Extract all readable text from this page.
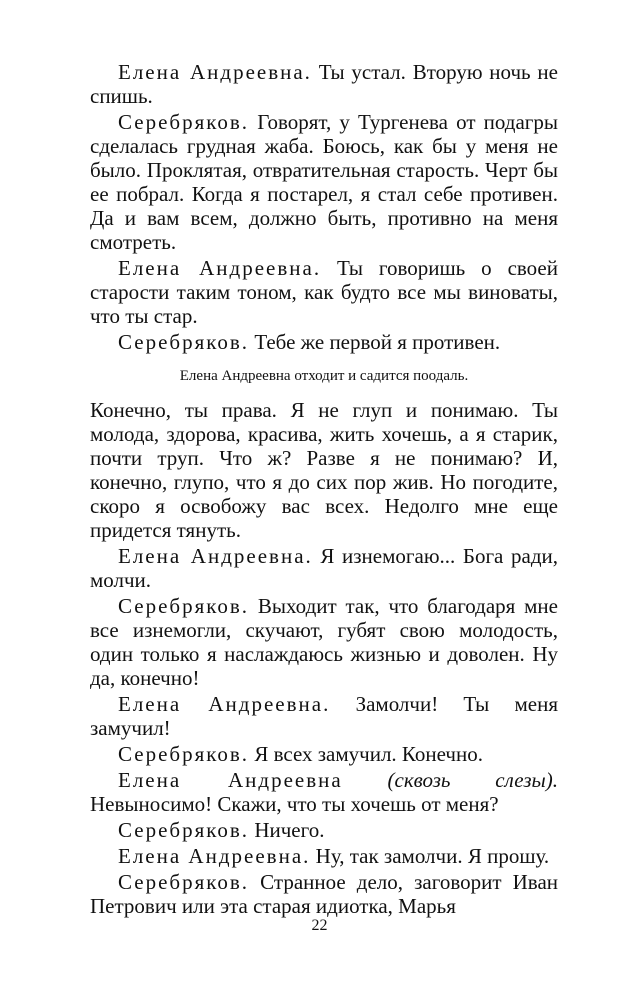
Елена Андреевна. Ты устал. Вторую ночь не спишь.

Серебряков. Говорят, у Тургенева от подагры сделалась грудная жаба. Боюсь, как бы у меня не было. Проклятая, отвратительная старость. Черт бы ее побрал. Когда я постарел, я стал себе противен. Да и вам всем, должно быть, противно на меня смотреть.

Елена Андреевна. Ты говоришь о своей старости таким тоном, как будто все мы виноваты, что ты стар.

Серебряков. Тебе же первой я противен.

Елена Андреевна отходит и садится поодаль.

Конечно, ты права. Я не глуп и понимаю. Ты молода, здорова, красива, жить хочешь, а я старик, почти труп. Что ж? Разве я не понимаю? И, конечно, глупо, что я до сих пор жив. Но погодите, скоро я освобожу вас всех. Недолго мне еще придется тянуть.

Елена Андреевна. Я изнемогаю... Бога ради, молчи.

Серебряков. Выходит так, что благодаря мне все изнемогли, скучают, губят свою молодость, один только я наслаждаюсь жизнью и доволен. Ну да, конечно!

Елена Андреевна. Замолчи! Ты меня замучил!

Серебряков. Я всех замучил. Конечно.

Елена Андреевна (сквозь слезы). Невыносимо! Скажи, что ты хочешь от меня?

Серебряков. Ничего.

Елена Андреевна. Ну, так замолчи. Я прошу.

Серебряков. Странное дело, заговорит Иван Петрович или эта старая идиотка, Марья

22
